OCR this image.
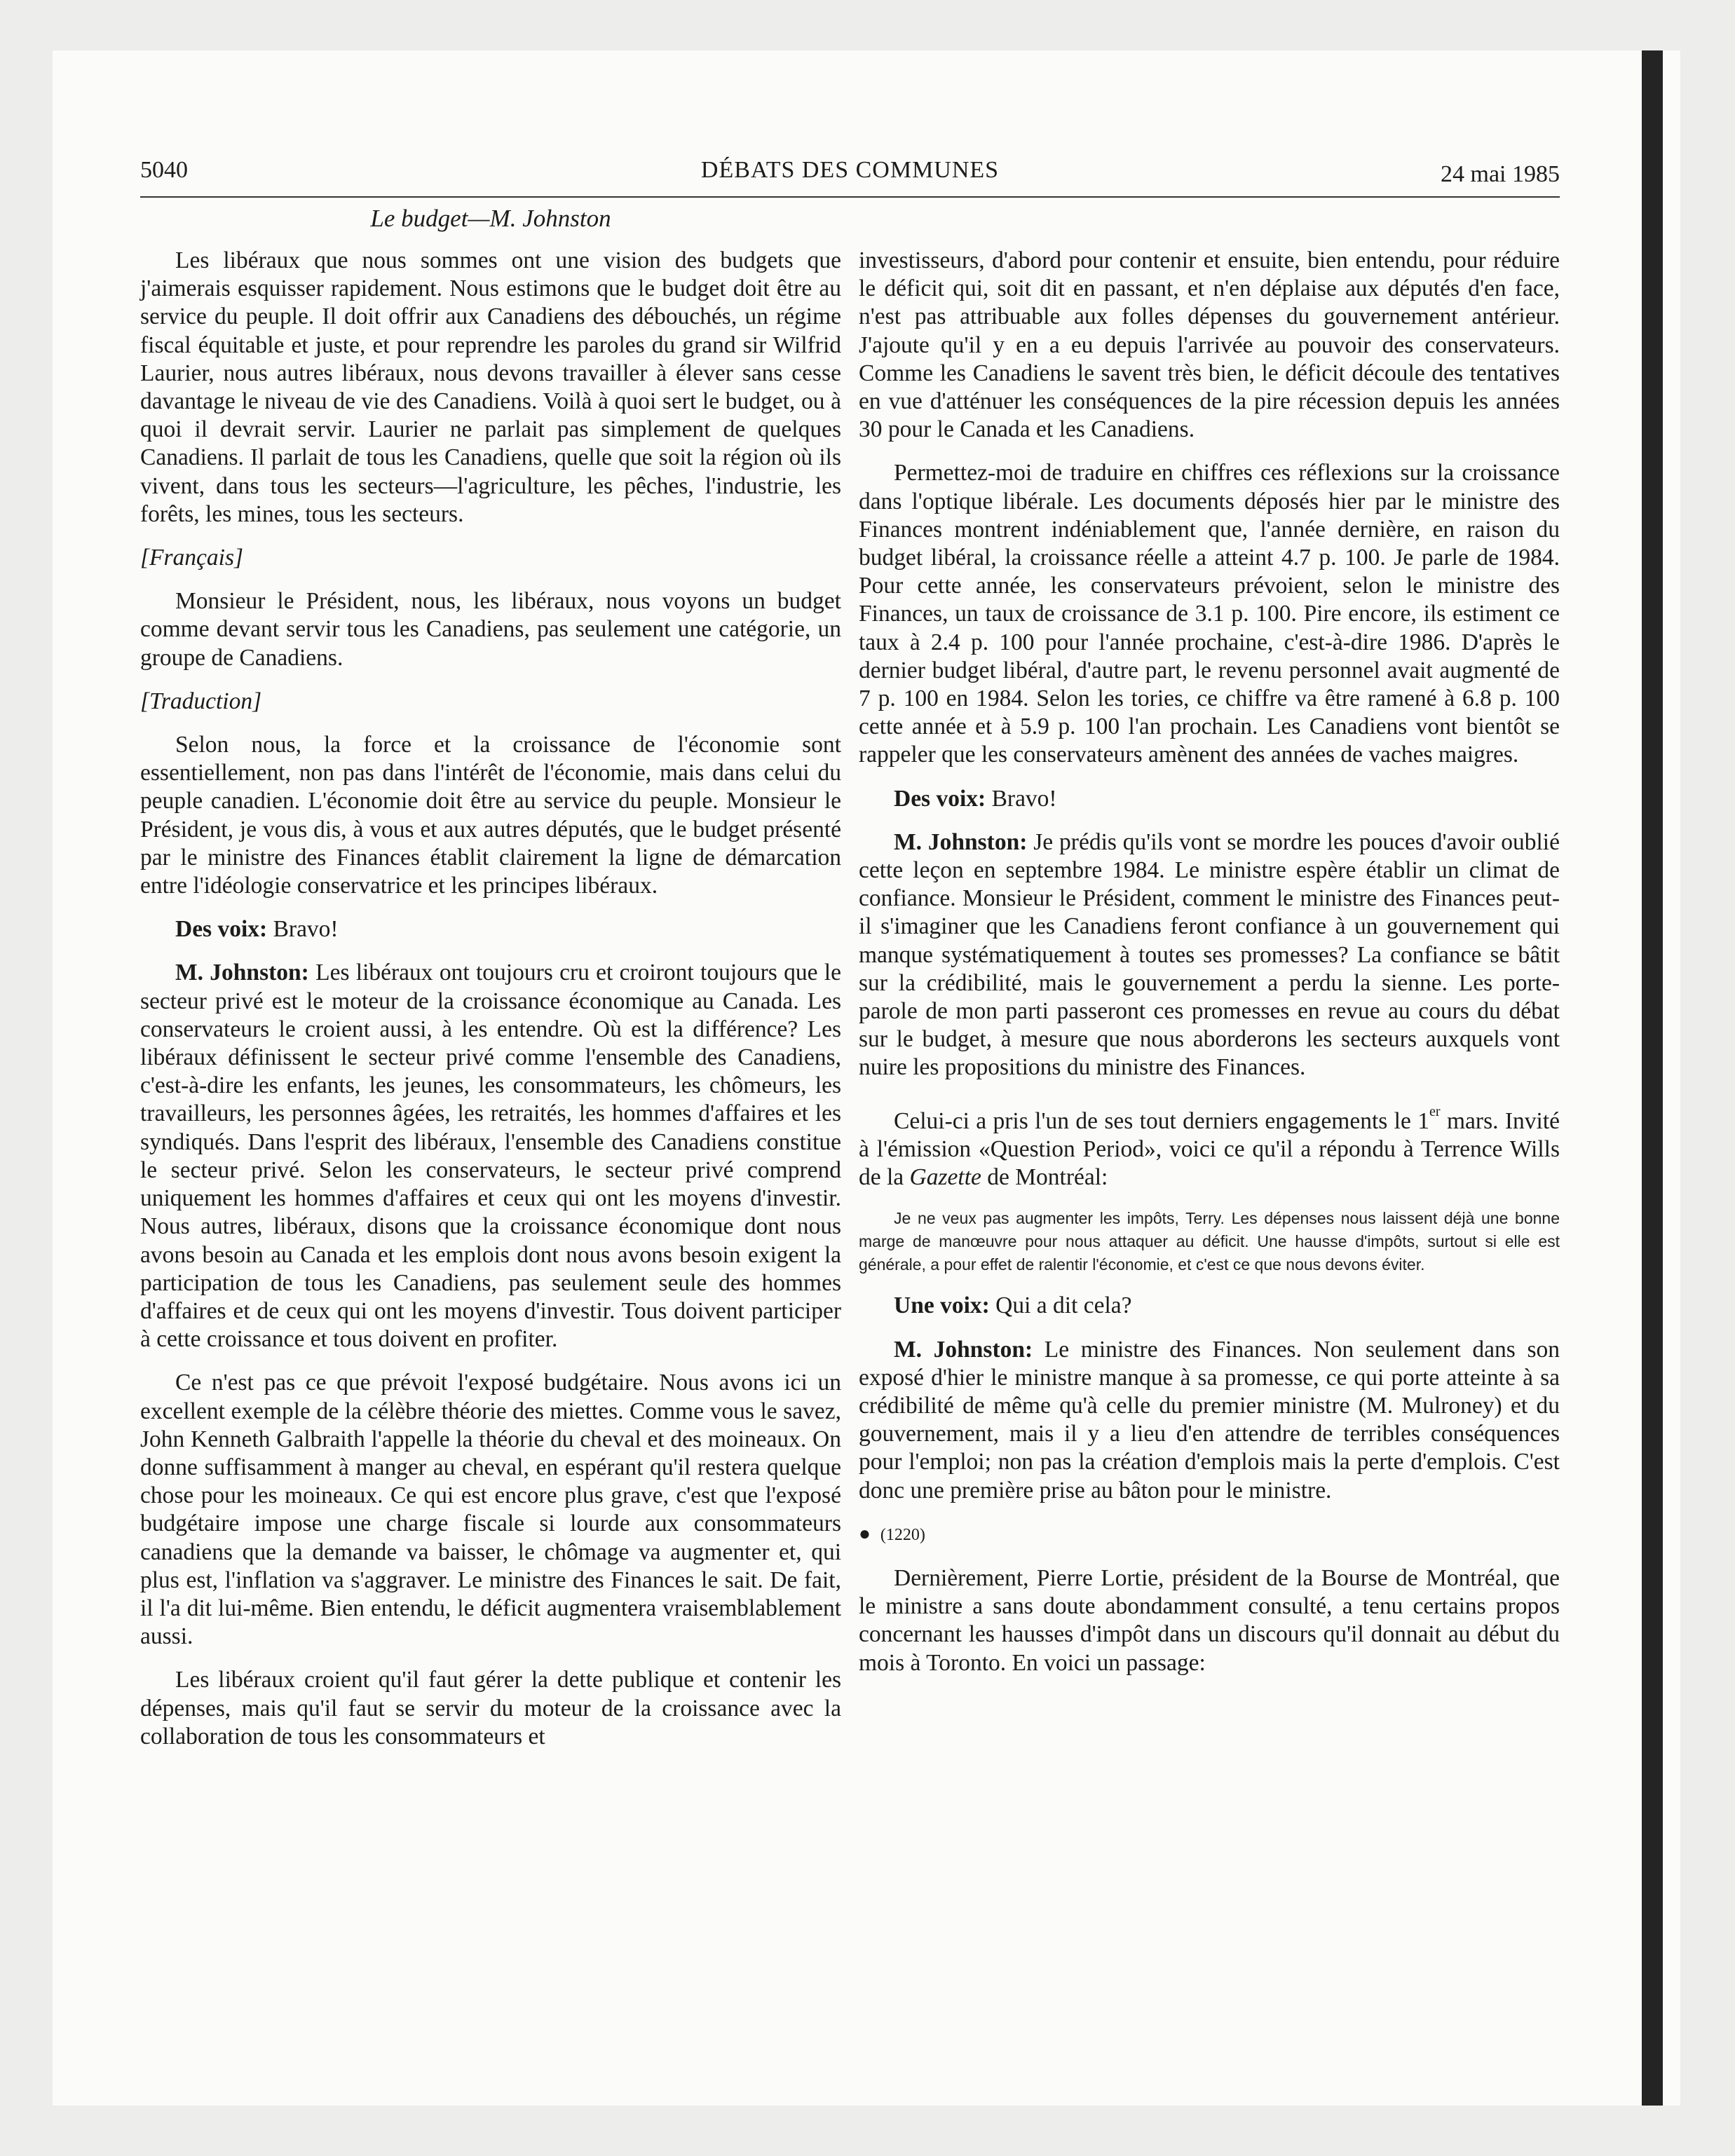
5040	DÉBATS DES COMMUNES	24 mai 1985
Le budget—M. Johnston

Les libéraux que nous sommes ont une vision des budgets que j'aimerais esquisser rapidement. Nous estimons que le budget doit être au service du peuple. Il doit offrir aux Canadiens des débouchés, un régime fiscal équitable et juste, et pour reprendre les paroles du grand sir Wilfrid Laurier, nous autres libéraux, nous devons travailler à élever sans cesse davantage le niveau de vie des Canadiens. Voilà à quoi sert le budget, ou à quoi il devrait servir. Laurier ne parlait pas simplement de quelques Canadiens. Il parlait de tous les Canadiens, quelle que soit la région où ils vivent, dans tous les secteurs—l'agriculture, les pêches, l'industrie, les forêts, les mines, tous les secteurs.

[Français]

Monsieur le Président, nous, les libéraux, nous voyons un budget comme devant servir tous les Canadiens, pas seulement une catégorie, un groupe de Canadiens.

[Traduction]

Selon nous, la force et la croissance de l'économie sont essentiellement, non pas dans l'intérêt de l'économie, mais dans celui du peuple canadien. L'économie doit être au service du peuple. Monsieur le Président, je vous dis, à vous et aux autres députés, que le budget présenté par le ministre des Finances établit clairement la ligne de démarcation entre l'idéologie conservatrice et les principes libéraux.

Des voix: Bravo!

M. Johnston: Les libéraux ont toujours cru et croiront toujours que le secteur privé est le moteur de la croissance économique au Canada. Les conservateurs le croient aussi, à les entendre. Où est la différence? Les libéraux définissent le secteur privé comme l'ensemble des Canadiens, c'est-à-dire les enfants, les jeunes, les consommateurs, les chômeurs, les travailleurs, les personnes âgées, les retraités, les hommes d'affaires et les syndiqués. Dans l'esprit des libéraux, l'ensemble des Canadiens constitue le secteur privé. Selon les conservateurs, le secteur privé comprend uniquement les hommes d'affaires et ceux qui ont les moyens d'investir. Nous autres, libéraux, disons que la croissance économique dont nous avons besoin au Canada et les emplois dont nous avons besoin exigent la participation de tous les Canadiens, pas seulement seule des hommes d'affaires et de ceux qui ont les moyens d'investir. Tous doivent participer à cette croissance et tous doivent en profiter.

Ce n'est pas ce que prévoit l'exposé budgétaire. Nous avons ici un excellent exemple de la célèbre théorie des miettes. Comme vous le savez, John Kenneth Galbraith l'appelle la théorie du cheval et des moineaux. On donne suffisamment à manger au cheval, en espérant qu'il restera quelque chose pour les moineaux. Ce qui est encore plus grave, c'est que l'exposé budgétaire impose une charge fiscale si lourde aux consommateurs canadiens que la demande va baisser, le chômage va augmenter et, qui plus est, l'inflation va s'aggraver. Le ministre des Finances le sait. De fait, il l'a dit lui-même. Bien entendu, le déficit augmentera vraisemblablement aussi.

Les libéraux croient qu'il faut gérer la dette publique et contenir les dépenses, mais qu'il faut se servir du moteur de la croissance avec la collaboration de tous les consommateurs et

investisseurs, d'abord pour contenir et ensuite, bien entendu, pour réduire le déficit qui, soit dit en passant, et n'en déplaise aux députés d'en face, n'est pas attribuable aux folles dépenses du gouvernement antérieur. J'ajoute qu'il y en a eu depuis l'arrivée au pouvoir des conservateurs. Comme les Canadiens le savent très bien, le déficit découle des tentatives en vue d'atténuer les conséquences de la pire récession depuis les années 30 pour le Canada et les Canadiens.

Permettez-moi de traduire en chiffres ces réflexions sur la croissance dans l'optique libérale. Les documents déposés hier par le ministre des Finances montrent indéniablement que, l'année dernière, en raison du budget libéral, la croissance réelle a atteint 4.7 p. 100. Je parle de 1984. Pour cette année, les conservateurs prévoient, selon le ministre des Finances, un taux de croissance de 3.1 p. 100. Pire encore, ils estiment ce taux à 2.4 p. 100 pour l'année prochaine, c'est-à-dire 1986. D'après le dernier budget libéral, d'autre part, le revenu personnel avait augmenté de 7 p. 100 en 1984. Selon les tories, ce chiffre va être ramené à 6.8 p. 100 cette année et à 5.9 p. 100 l'an prochain. Les Canadiens vont bientôt se rappeler que les conservateurs amènent des années de vaches maigres.

Des voix: Bravo!

M. Johnston: Je prédis qu'ils vont se mordre les pouces d'avoir oublié cette leçon en septembre 1984. Le ministre espère établir un climat de confiance. Monsieur le Président, comment le ministre des Finances peut-il s'imaginer que les Canadiens feront confiance à un gouvernement qui manque systématiquement à toutes ses promesses? La confiance se bâtit sur la crédibilité, mais le gouvernement a perdu la sienne. Les porte-parole de mon parti passeront ces promesses en revue au cours du débat sur le budget, à mesure que nous aborderons les secteurs auxquels vont nuire les propositions du ministre des Finances.

Celui-ci a pris l'un de ses tout derniers engagements le 1er mars. Invité à l'émission «Question Period», voici ce qu'il a répondu à Terrence Wills de la Gazette de Montréal:

Je ne veux pas augmenter les impôts, Terry. Les dépenses nous laissent déjà une bonne marge de manœuvre pour nous attaquer au déficit. Une hausse d'impôts, surtout si elle est générale, a pour effet de ralentir l'économie, et c'est ce que nous devons éviter.

Une voix: Qui a dit cela?

M. Johnston: Le ministre des Finances. Non seulement dans son exposé d'hier le ministre manque à sa promesse, ce qui porte atteinte à sa crédibilité de même qu'à celle du premier ministre (M. Mulroney) et du gouvernement, mais il y a lieu d'en attendre de terribles conséquences pour l'emploi; non pas la création d'emplois mais la perte d'emplois. C'est donc une première prise au bâton pour le ministre.

● (1220)

Dernièrement, Pierre Lortie, président de la Bourse de Montréal, que le ministre a sans doute abondamment consulté, a tenu certains propos concernant les hausses d'impôt dans un discours qu'il donnait au début du mois à Toronto. En voici un passage:
